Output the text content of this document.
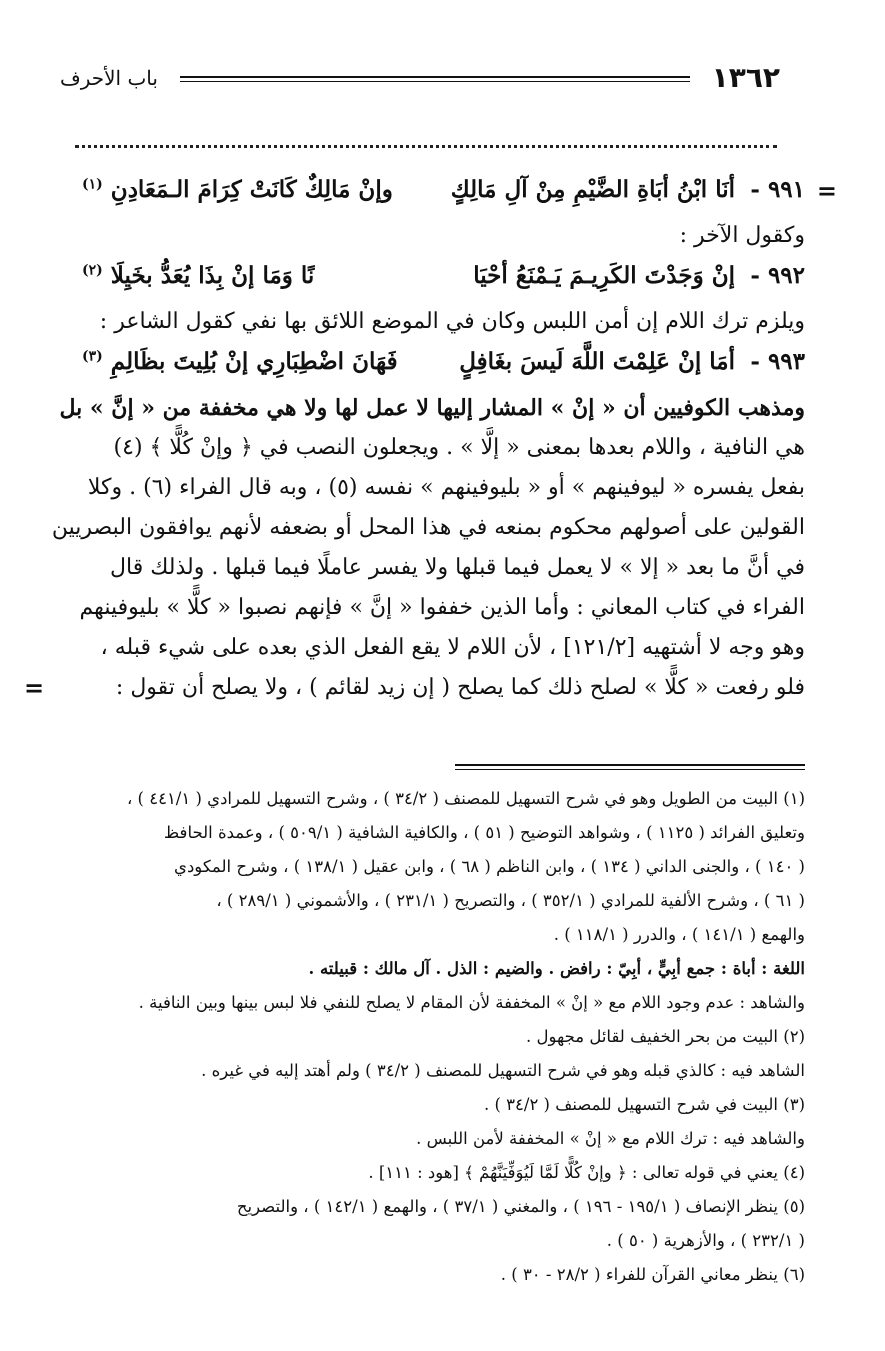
١٣٦٢
باب الأحرف
=
٩٩١ -
أنَا ابْنُ أبَاةِ الضَّيْمِ مِنْ آلِ مَالِكٍ
وإنْ مَالِكٌ كَانَتْ كِرَامَ الـمَعَادِنِ $^{(١)}$
وكقول الآخر :
٩٩٢ -
إنْ وَجَدْتَ الكَرِيـمَ يَـمْنَعُ أحْيَا
نًا وَمَا إنْ بِذَا يُعَدُّ بخَيِلَا $^{(٢)}$
ويلزم ترك اللام إن أمن اللبس وكان في الموضع اللائق بها نفي كقول الشاعر :
٩٩٣ -
أمَا إنْ عَلِمْتَ اللَّهَ لَيسَ بغَافِلٍ
فَهَانَ اضْطِبَارِي إنْ بُلِيتَ بظَالِمِ $^{(٣)}$
ومذهب الكوفيين أن « إنْ » المشار إليها لا عمل لها ولا هي مخففة من « إنَّ » بل
هي النافية ، واللام بعدها بمعنى « إلَّا » . ويجعلون النصب في ﴿ وإنْ كُلًّا ﴾ (٤)
بفعل يفسره « ليوفينهم » أو « بليوفينهم » نفسه (٥) ، وبه قال الفراء (٦) . وكلا
القولين على أصولهم محكوم بمنعه في هذا المحل أو بضعفه لأنهم يوافقون البصريين
في أنَّ ما بعد « إلا » لا يعمل فيما قبلها ولا يفسر عاملًا فيما قبلها . ولذلك قال
الفراء في كتاب المعاني : وأما الذين خففوا « إنَّ » فإنهم نصبوا « كلًّا » بليوفينهم
وهو وجه لا أشتهيه [١٢١/٢] ، لأن اللام لا يقع الفعل الذي بعده على شيء قبله ،
فلو رفعت « كلًّا » لصلح ذلك كما يصلح ( إن زيد لقائم ) ، ولا يصلح أن تقول :
=
(١) البيت من الطويل وهو في شرح التسهيل للمصنف ( ٣٤/٢ ) ، وشرح التسهيل للمرادي ( ٤٤١/١ ) ،
وتعليق الفرائد ( ١١٢٥ ) ، وشواهد التوضيح ( ٥١ ) ، والكافية الشافية ( ٥٠٩/١ ) ، وعمدة الحافظ
( ١٤٠ ) ، والجنى الداني ( ١٣٤ ) ، وابن الناظم ( ٦٨ ) ، وابن عقيل ( ١٣٨/١ ) ، وشرح المكودي
( ٦١ ) ، وشرح الألفية للمرادي ( ٣٥٢/١ ) ، والتصريح ( ٢٣١/١ ) ، والأشموني ( ٢٨٩/١ ) ،
والهمع ( ١٤١/١ ) ، والدرر ( ١١٨/١ ) .
اللغة : أباة : جمع أبِيٍّ ، أبِيّ : رافض . والضيم : الذل . آل مالك : قبيلته .
والشاهد : عدم وجود اللام مع « إنْ » المخففة لأن المقام لا يصلح للنفي فلا لبس بينها وبين النافية .
(٢) البيت من بحر الخفيف لقائل مجهول .
الشاهد فيه : كالذي قبله وهو في شرح التسهيل للمصنف ( ٣٤/٢ ) ولم أهتد إليه في غيره .
(٣) البيت في شرح التسهيل للمصنف ( ٣٤/٢ ) .
والشاهد فيه : ترك اللام مع « إنْ » المخففة لأمن اللبس .
(٤) يعني في قوله تعالى : ﴿ وإنْ كُلًّا لَمَّا لَيُوَفِّيَنَّهُمْ ﴾ [هود : ١١١] .
(٥) ينظر الإنصاف ( ١٩٥/١ - ١٩٦ ) ، والمغني ( ٣٧/١ ) ، والهمع ( ١٤٢/١ ) ، والتصريح
( ٢٣٢/١ ) ، والأزهرية ( ٥٠ ) .
(٦) ينظر معاني القرآن للفراء ( ٢٨/٢ - ٣٠ ) .
